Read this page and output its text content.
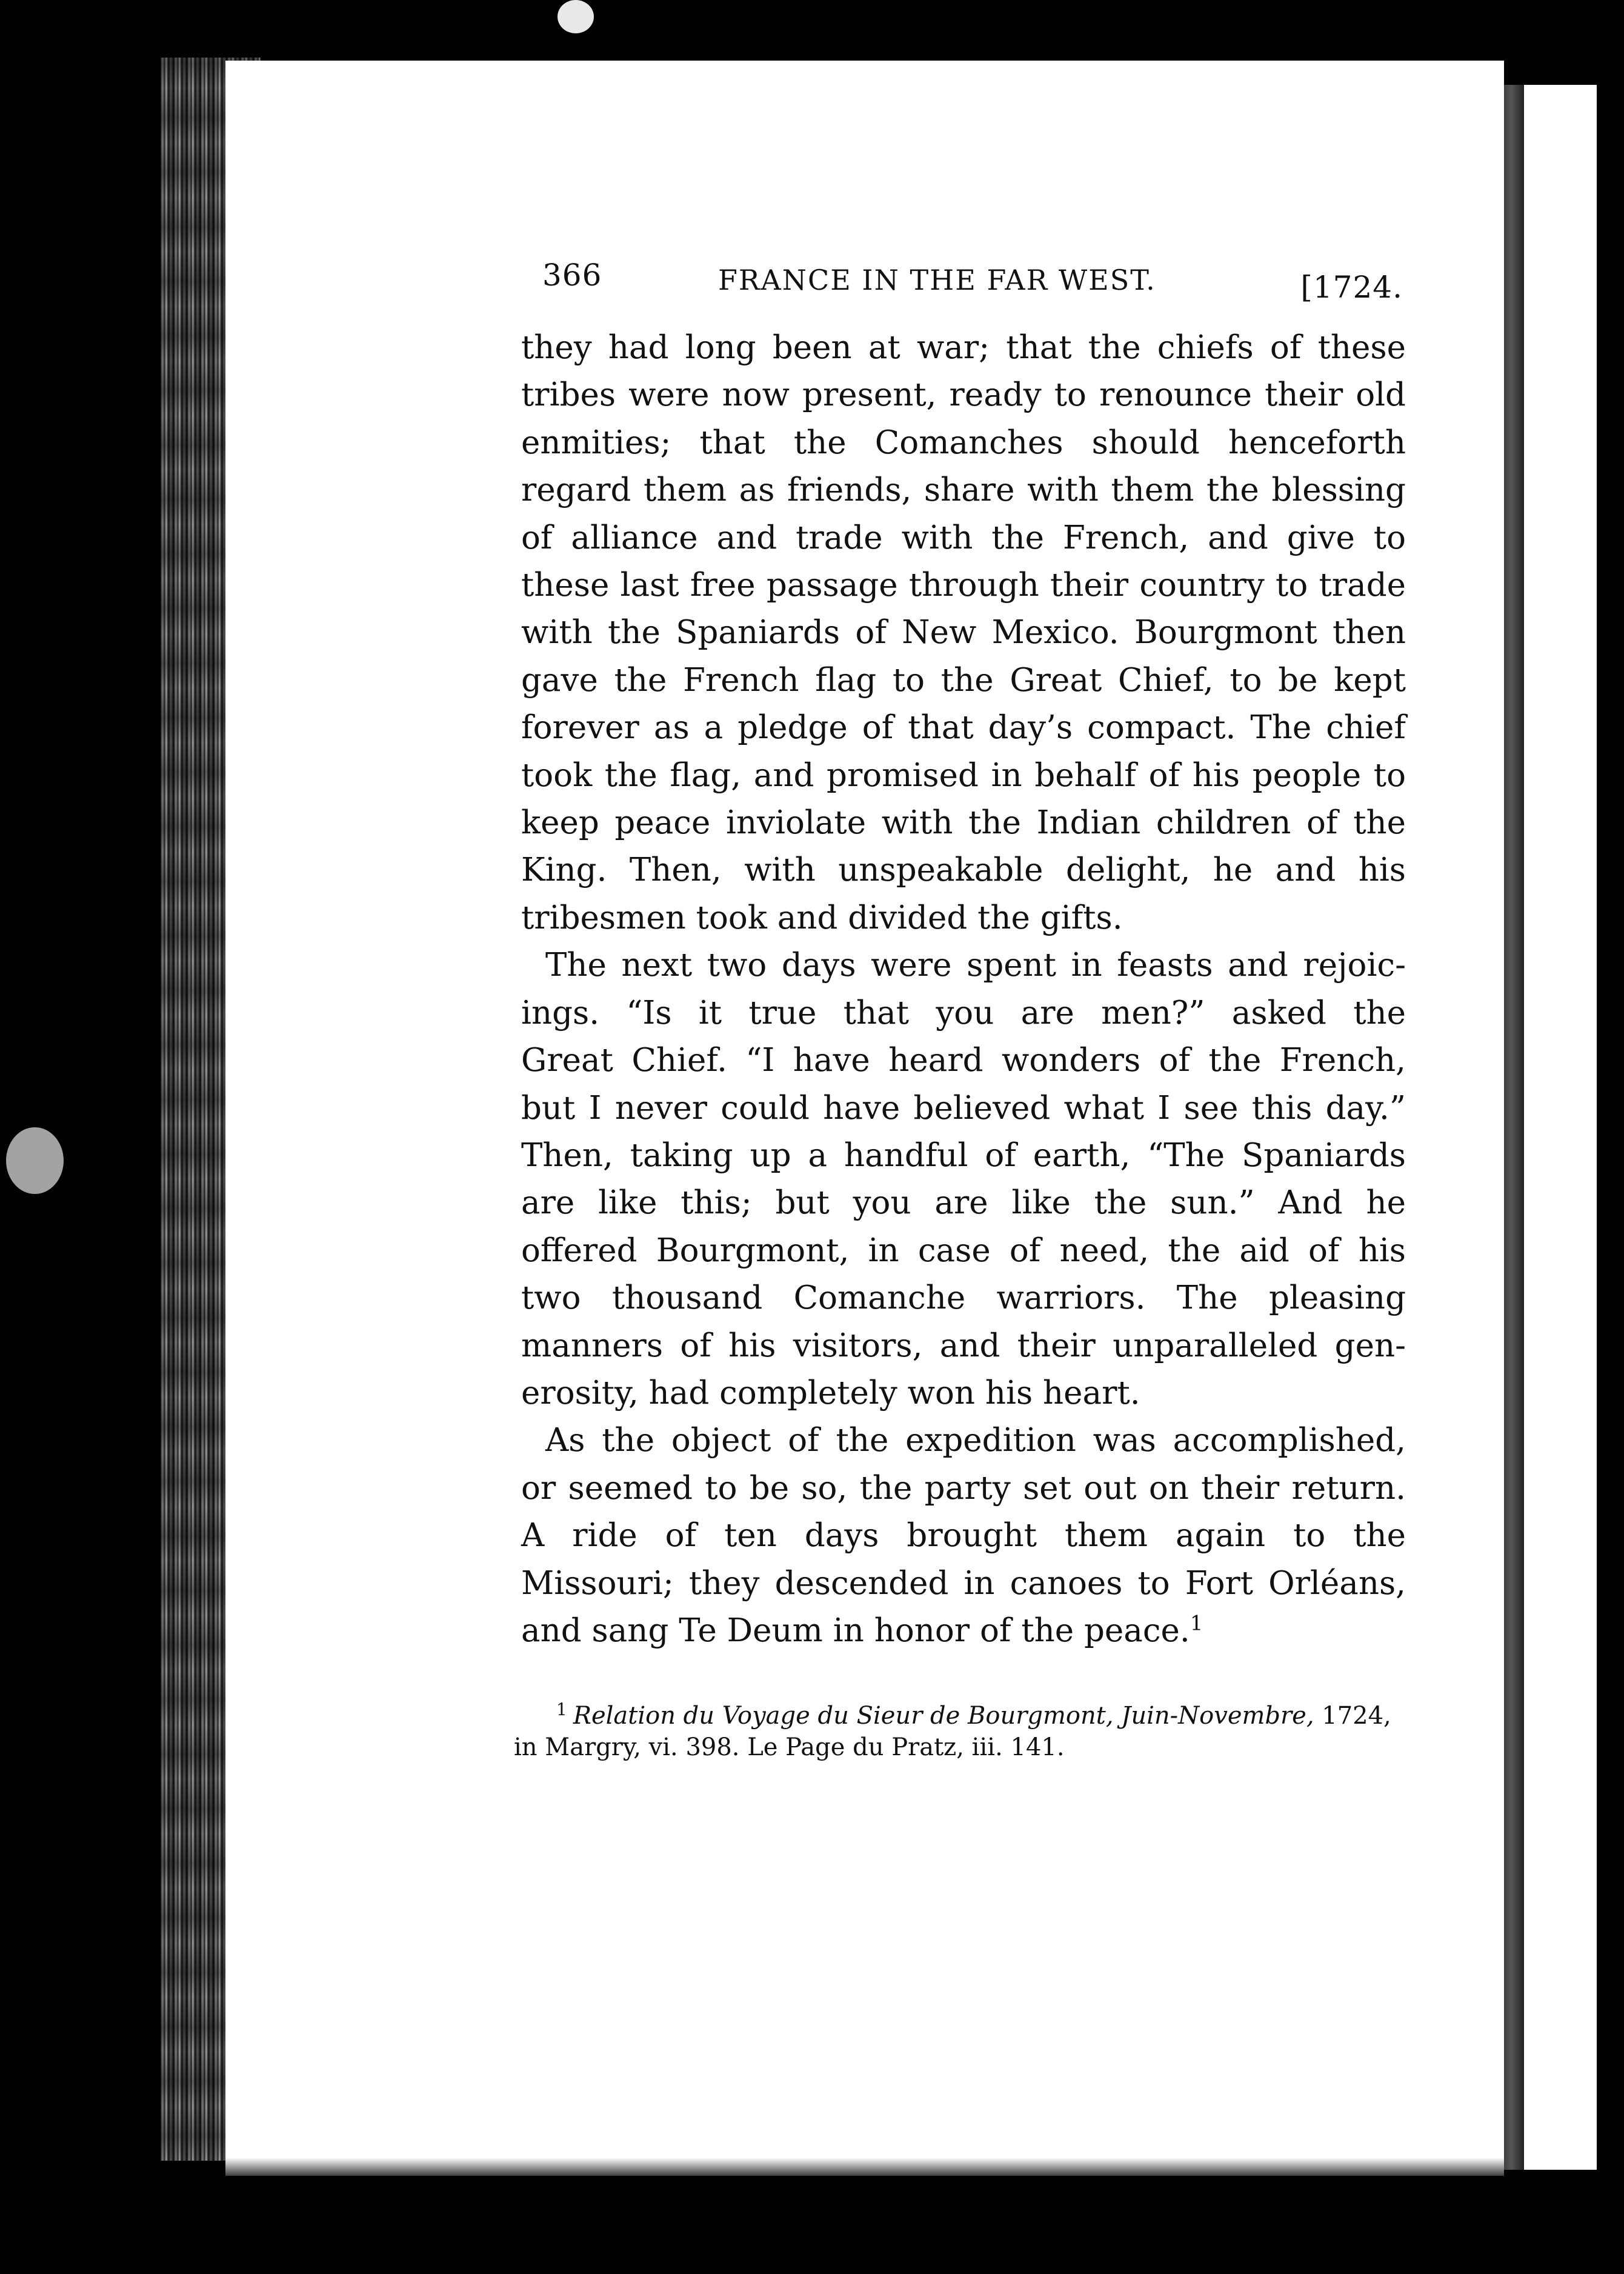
366	FRANCE IN THE FAR WEST.	[1724.

they had long been at war; that the chiefs of these
tribes were now present, ready to renounce their old
enmities; that the Comanches should henceforth
regard them as friends, share with them the blessing
of alliance and trade with the French, and give to
these last free passage through their country to trade
with the Spaniards of New Mexico. Bourgmont then
gave the French flag to the Great Chief, to be kept
forever as a pledge of that day’s compact. The chief
took the flag, and promised in behalf of his people to
keep peace inviolate with the Indian children of the
King. Then, with unspeakable delight, he and his
tribesmen took and divided the gifts.

The next two days were spent in feasts and rejoic-
ings. “Is it true that you are men?” asked the
Great Chief. “I have heard wonders of the French,
but I never could have believed what I see this day.”
Then, taking up a handful of earth, “The Spaniards
are like this; but you are like the sun.” And he
offered Bourgmont, in case of need, the aid of his
two thousand Comanche warriors. The pleasing
manners of his visitors, and their unparalleled gen-
erosity, had completely won his heart.

As the object of the expedition was accomplished,
or seemed to be so, the party set out on their return.
A ride of ten days brought them again to the
Missouri; they descended in canoes to Fort Orléans,
and sang Te Deum in honor of the peace.$^1$

$^1$ Relation du Voyage du Sieur de Bourgmont, Juin-Novembre, 1724,
in Margry, vi. 398. Le Page du Pratz, iii. 141.
